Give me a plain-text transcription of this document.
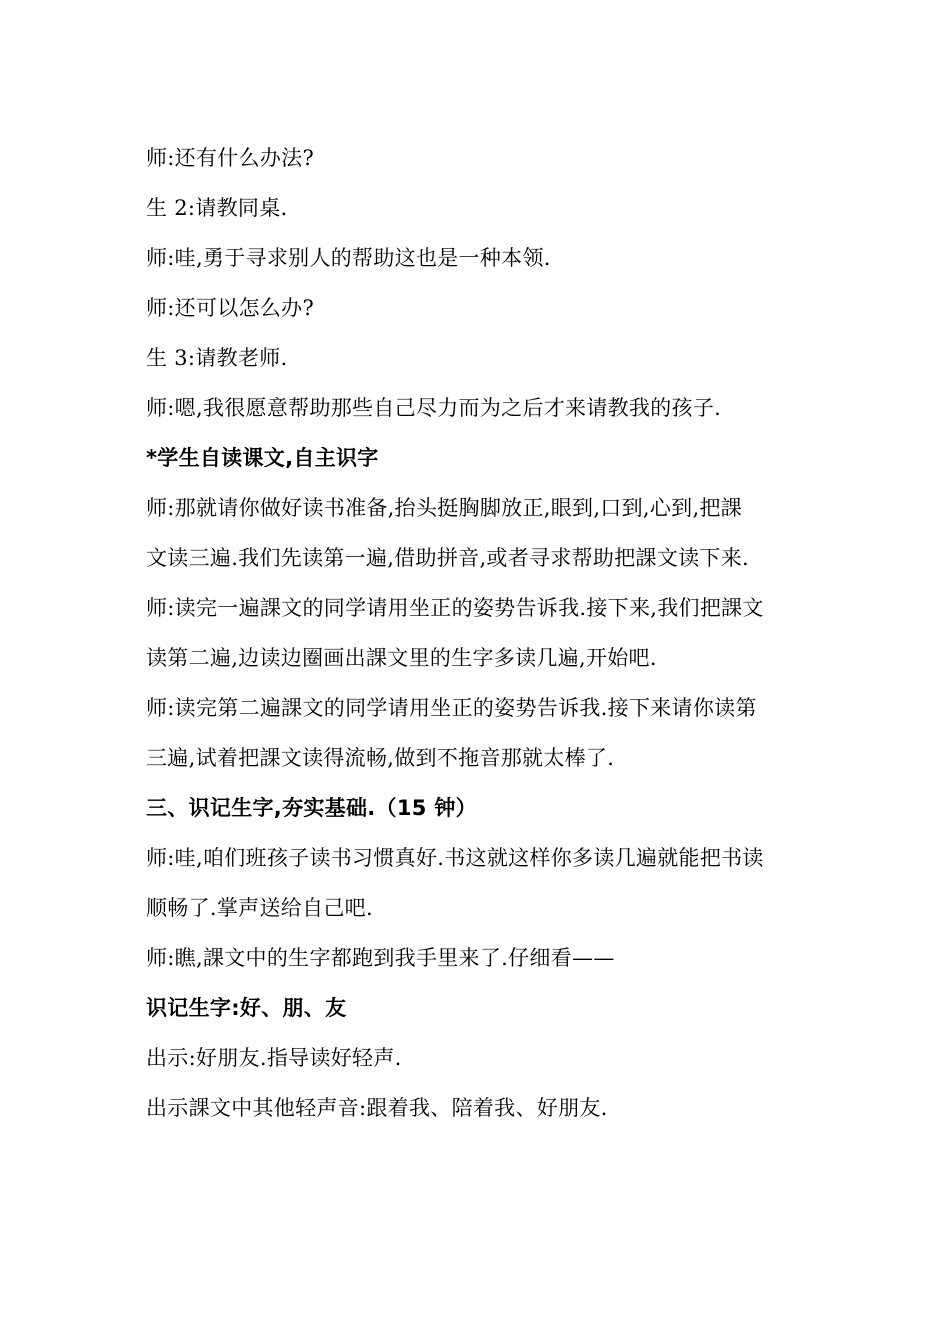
师:还有什么办法?
生 2:请教同桌.
师:哇,勇于寻求别人的帮助这也是一种本领.
师:还可以怎么办?
生 3:请教老师.
师:嗯,我很愿意帮助那些自己尽力而为之后才来请教我的孩子.
*学生自读课文,自主识字
师:那就请你做好读书准备,抬头挺胸脚放正,眼到,口到,心到,把課
文读三遍.我们先读第一遍,借助拼音,或者寻求帮助把課文读下来.
师:读完一遍課文的同学请用坐正的姿势告诉我.接下来,我们把課文
读第二遍,边读边圈画出課文里的生字多读几遍,开始吧.
师:读完第二遍課文的同学请用坐正的姿势告诉我.接下来请你读第
三遍,试着把課文读得流畅,做到不拖音那就太棒了.
三、识记生字,夯实基础.（15 钟）
师:哇,咱们班孩子读书习惯真好.书这就这样你多读几遍就能把书读
顺畅了.掌声送给自己吧.
师:瞧,課文中的生字都跑到我手里来了.仔细看——
识记生字:好、朋、友
出示:好朋友.指导读好轻声.
出示課文中其他轻声音:跟着我、陪着我、好朋友.
